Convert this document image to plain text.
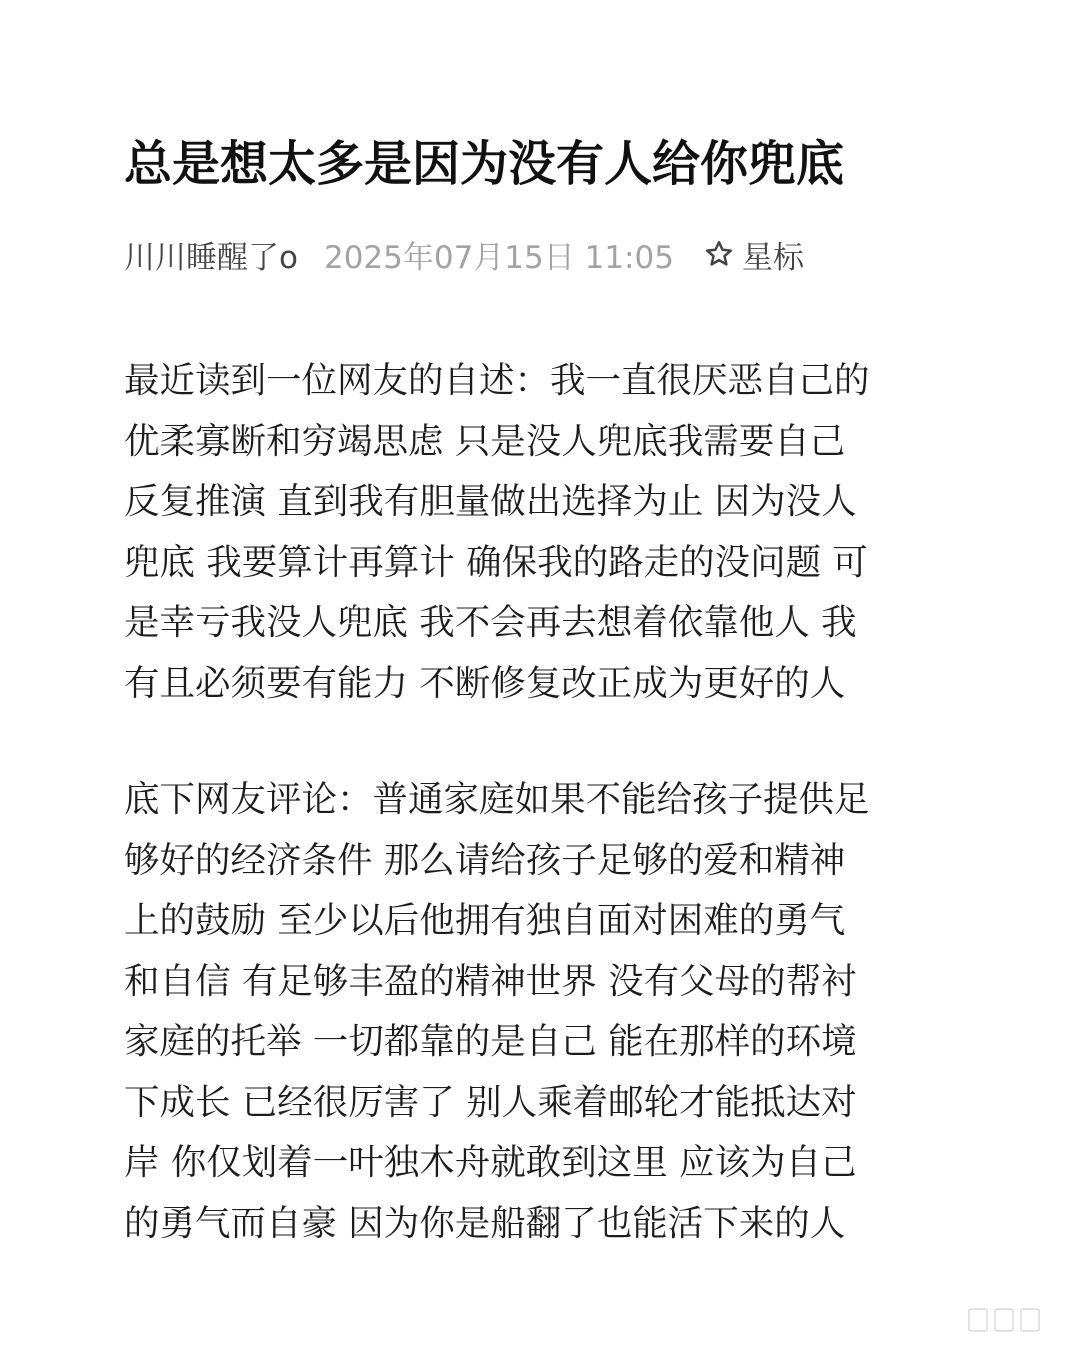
总是想太多是因为没有人给你兜底
川川睡醒了o 2025年07月15日 11:05 星标

最近读到一位网友的自述：我一直很厌恶自己的
优柔寡断和穷竭思虑 只是没人兜底我需要自己
反复推演 直到我有胆量做出选择为止 因为没人
兜底 我要算计再算计 确保我的路走的没问题 可
是幸亏我没人兜底 我不会再去想着依靠他人 我
有且必须要有能力 不断修复改正成为更好的人

底下网友评论：普通家庭如果不能给孩子提供足
够好的经济条件 那么请给孩子足够的爱和精神
上的鼓励 至少以后他拥有独自面对困难的勇气
和自信 有足够丰盈的精神世界 没有父母的帮衬
家庭的托举 一切都靠的是自己 能在那样的环境
下成长 已经很厉害了 别人乘着邮轮才能抵达对
岸 你仅划着一叶独木舟就敢到这里 应该为自己
的勇气而自豪 因为你是船翻了也能活下来的人
